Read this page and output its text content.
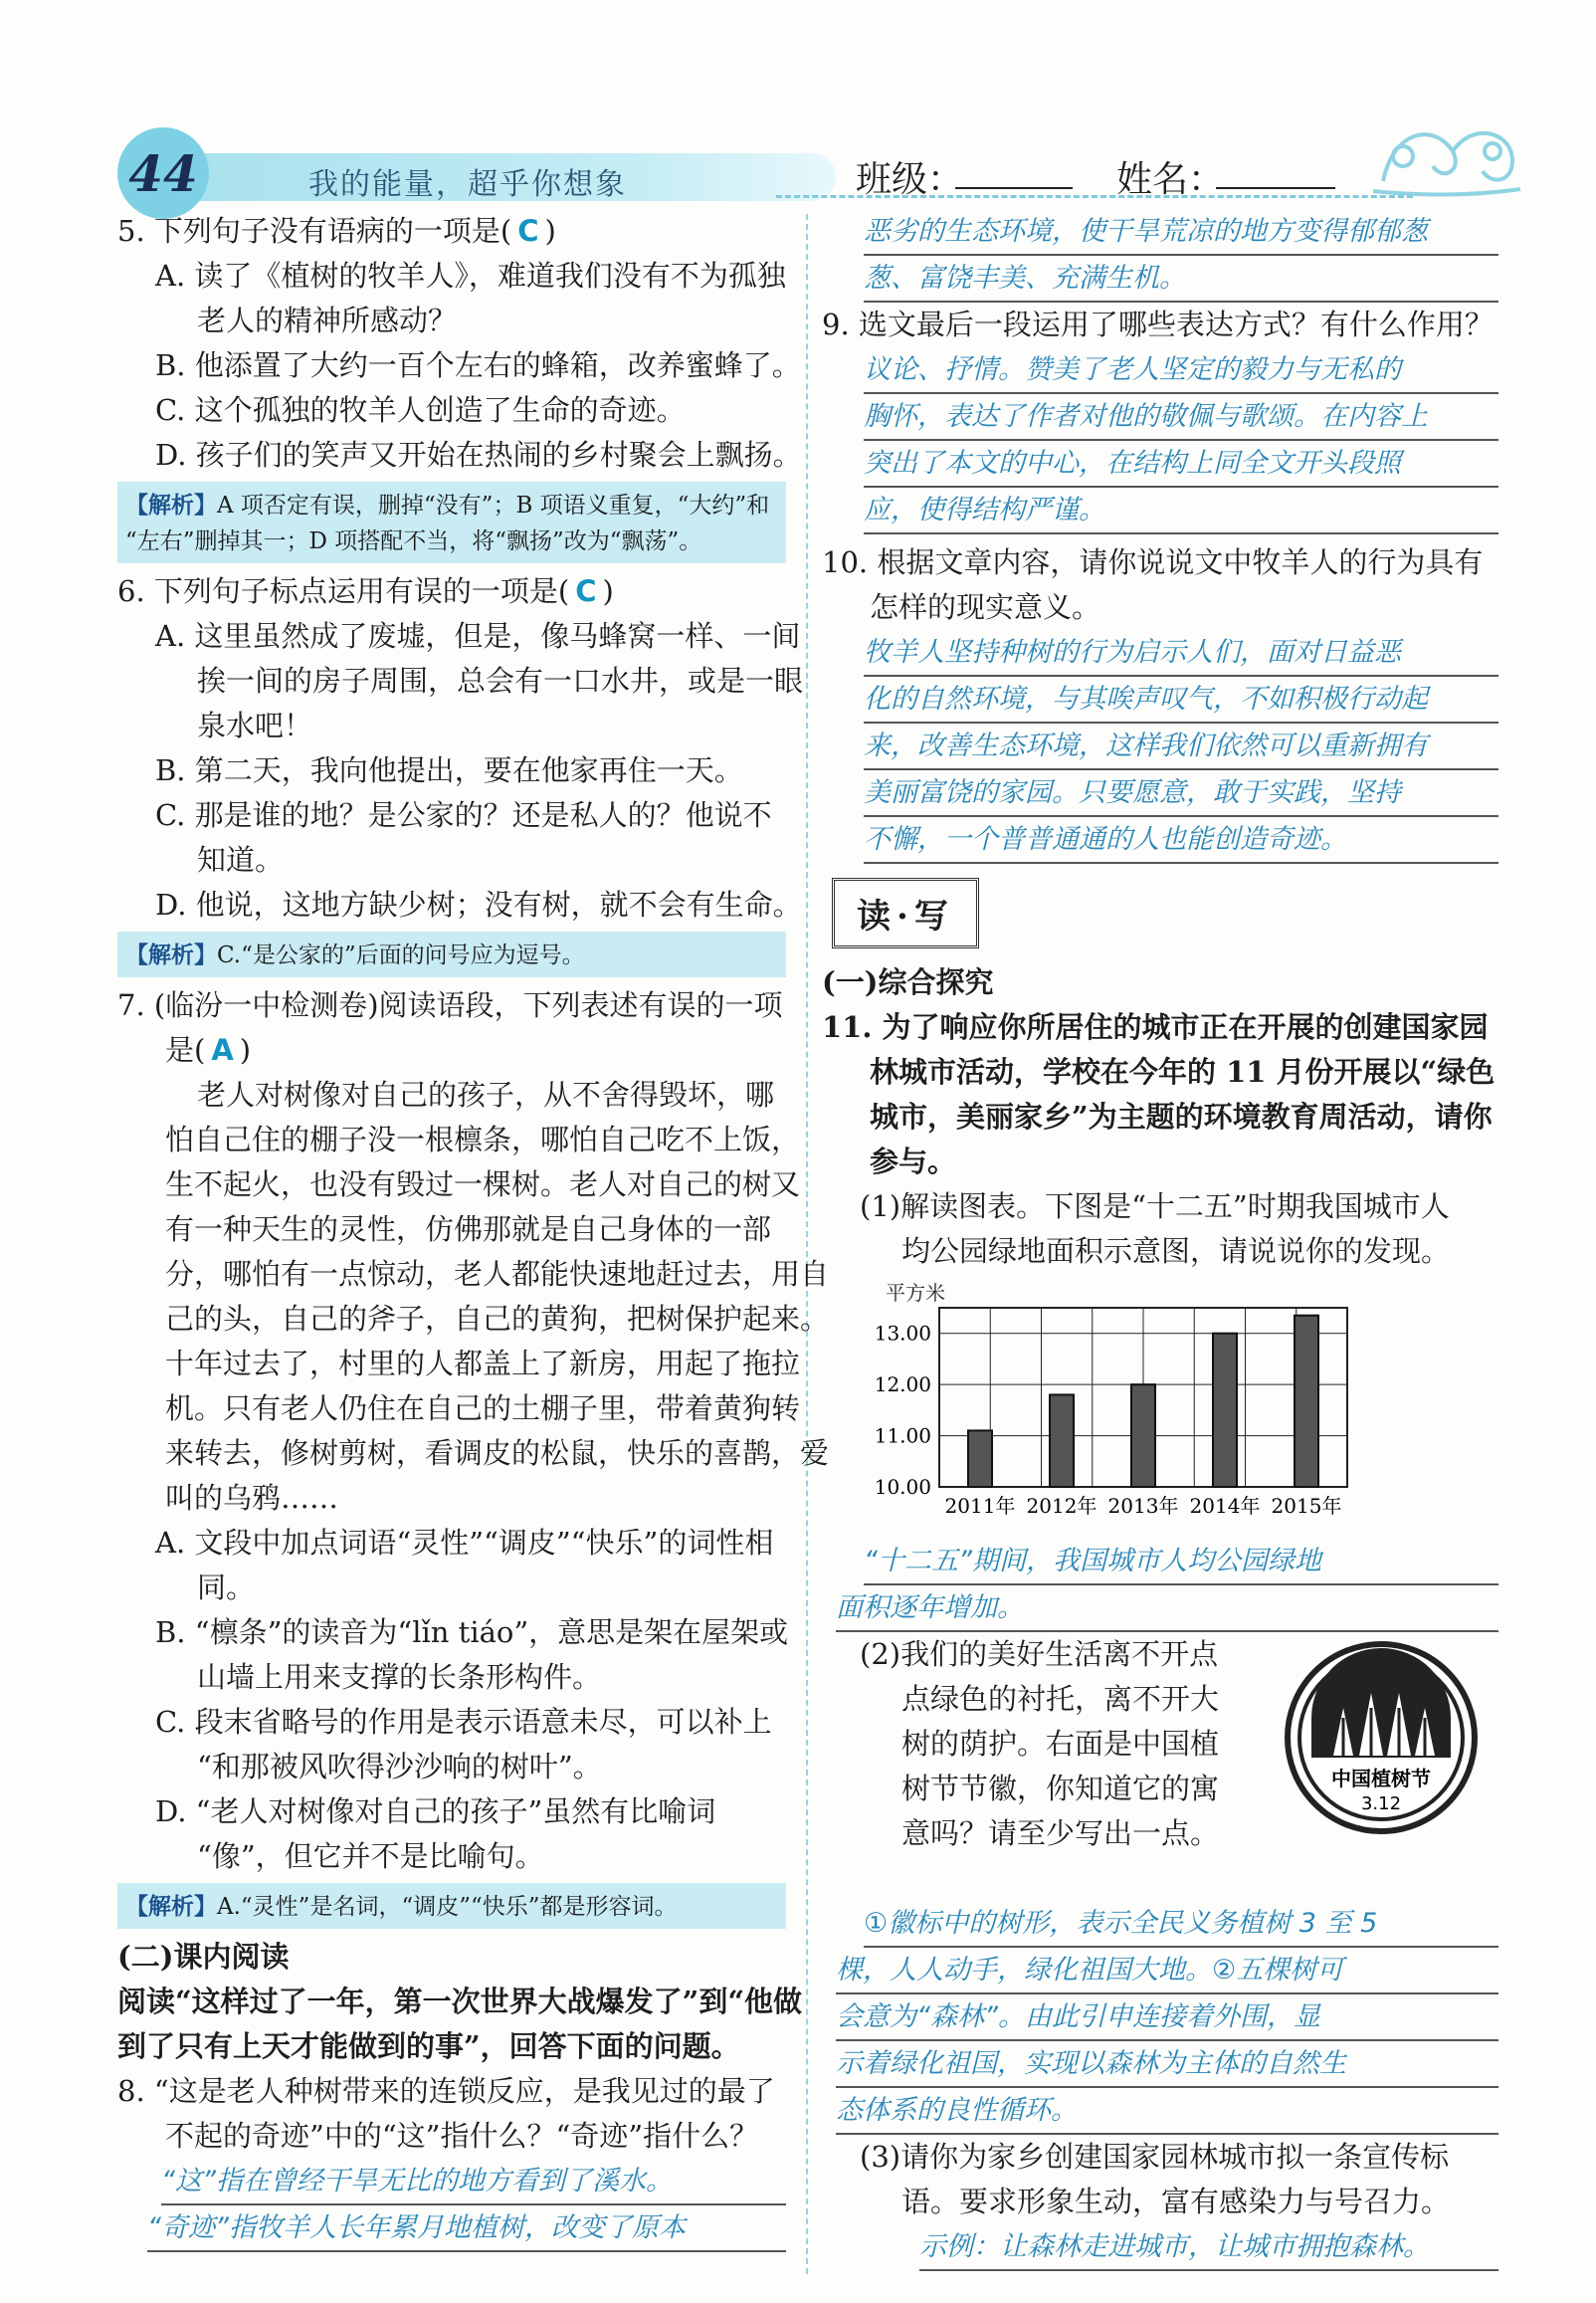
44	我的能量，超乎你想象	班级：	姓名：
5. 下列句子没有语病的一项是( C )
A. 读了《植树的牧羊人》，难道我们没有不为孤独
老人的精神所感动？
B. 他添置了大约一百个左右的蜂箱，改养蜜蜂了。
C. 这个孤独的牧羊人创造了生命的奇迹。
D. 孩子们的笑声又开始在热闹的乡村聚会上飘扬。
【解析】A 项否定有误，删掉“没有”；B 项语义重复，“大约”和
“左右”删掉其一；D 项搭配不当，将“飘扬”改为“飘荡”。
6. 下列句子标点运用有误的一项是( C )
A. 这里虽然成了废墟，但是，像马蜂窝一样、一间
挨一间的房子周围，总会有一口水井，或是一眼
泉水吧！
B. 第二天，我向他提出，要在他家再住一天。
C. 那是谁的地？是公家的？还是私人的？他说不
知道。
D. 他说，这地方缺少树；没有树，就不会有生命。
【解析】C.“是公家的”后面的问号应为逗号。
7. (临汾一中检测卷)阅读语段，下列表述有误的一项
是( A )
老人对树像对自己的孩子，从不舍得毁坏，哪
怕自己住的棚子没一根檩条，哪怕自己吃不上饭，
生不起火，也没有毁过一棵树。老人对自己的树又
有一种天生的灵性，仿佛那就是自己身体的一部
分，哪怕有一点惊动，老人都能快速地赶过去，用自
己的头，自己的斧子，自己的黄狗，把树保护起来。
十年过去了，村里的人都盖上了新房，用起了拖拉
机。只有老人仍住在自己的土棚子里，带着黄狗转
来转去，修树剪树，看调皮的松鼠，快乐的喜鹊，爱
叫的乌鸦……
A. 文段中加点词语“灵性”“调皮”“快乐”的词性相
同。
B. “檩条”的读音为“lǐn tiáo”，意思是架在屋架或
山墙上用来支撑的长条形构件。
C. 段末省略号的作用是表示语意未尽，可以补上
“和那被风吹得沙沙响的树叶”。
D. “老人对树像对自己的孩子”虽然有比喻词
“像”，但它并不是比喻句。
【解析】A.“灵性”是名词，“调皮”“快乐”都是形容词。
(二)课内阅读
阅读“这样过了一年，第一次世界大战爆发了”到“他做
到了只有上天才能做到的事”，回答下面的问题。
8. “这是老人种树带来的连锁反应，是我见过的最了
不起的奇迹”中的“这”指什么？“奇迹”指什么？
“这”指在曾经干旱无比的地方看到了溪水。
“奇迹”指牧羊人长年累月地植树，改变了原本
恶劣的生态环境，使干旱荒凉的地方变得郁郁葱
葱、富饶丰美、充满生机。
9. 选文最后一段运用了哪些表达方式？有什么作用？
议论、抒情。赞美了老人坚定的毅力与无私的
胸怀，表达了作者对他的敬佩与歌颂。在内容上
突出了本文的中心，在结构上同全文开头段照
应，使得结构严谨。
10. 根据文章内容，请你说说文中牧羊人的行为具有
怎样的现实意义。
牧羊人坚持种树的行为启示人们，面对日益恶
化的自然环境，与其唉声叹气，不如积极行动起
来，改善生态环境，这样我们依然可以重新拥有
美丽富饶的家园。只要愿意，敢于实践，坚持
不懈，一个普普通通的人也能创造奇迹。
读·写
(一)综合探究
11. 为了响应你所居住的城市正在开展的创建国家园
林城市活动，学校在今年的 11 月份开展以“绿色
城市，美丽家乡”为主题的环境教育周活动，请你
参与。
(1)解读图表。下图是“十二五”时期我国城市人
均公园绿地面积示意图，请说说你的发现。
平方米
10.00
11.00
12.00
13.00
2011年 2012年 2013年 2014年 2015年
“十二五”期间，我国城市人均公园绿地
面积逐年增加。
(2)我们的美好生活离不开点
点绿色的衬托，离不开大
树的荫护。右面是中国植
树节节徽，你知道它的寓
意吗？请至少写出一点。
中国植树节
3.12
①徽标中的树形，表示全民义务植树 3 至 5
棵，人人动手，绿化祖国大地。②五棵树可
会意为“森林”。由此引申连接着外围，显
示着绿化祖国，实现以森林为主体的自然生
态体系的良性循环。
(3)请你为家乡创建国家园林城市拟一条宣传标
语。要求形象生动，富有感染力与号召力。
示例：让森林走进城市，让城市拥抱森林。
